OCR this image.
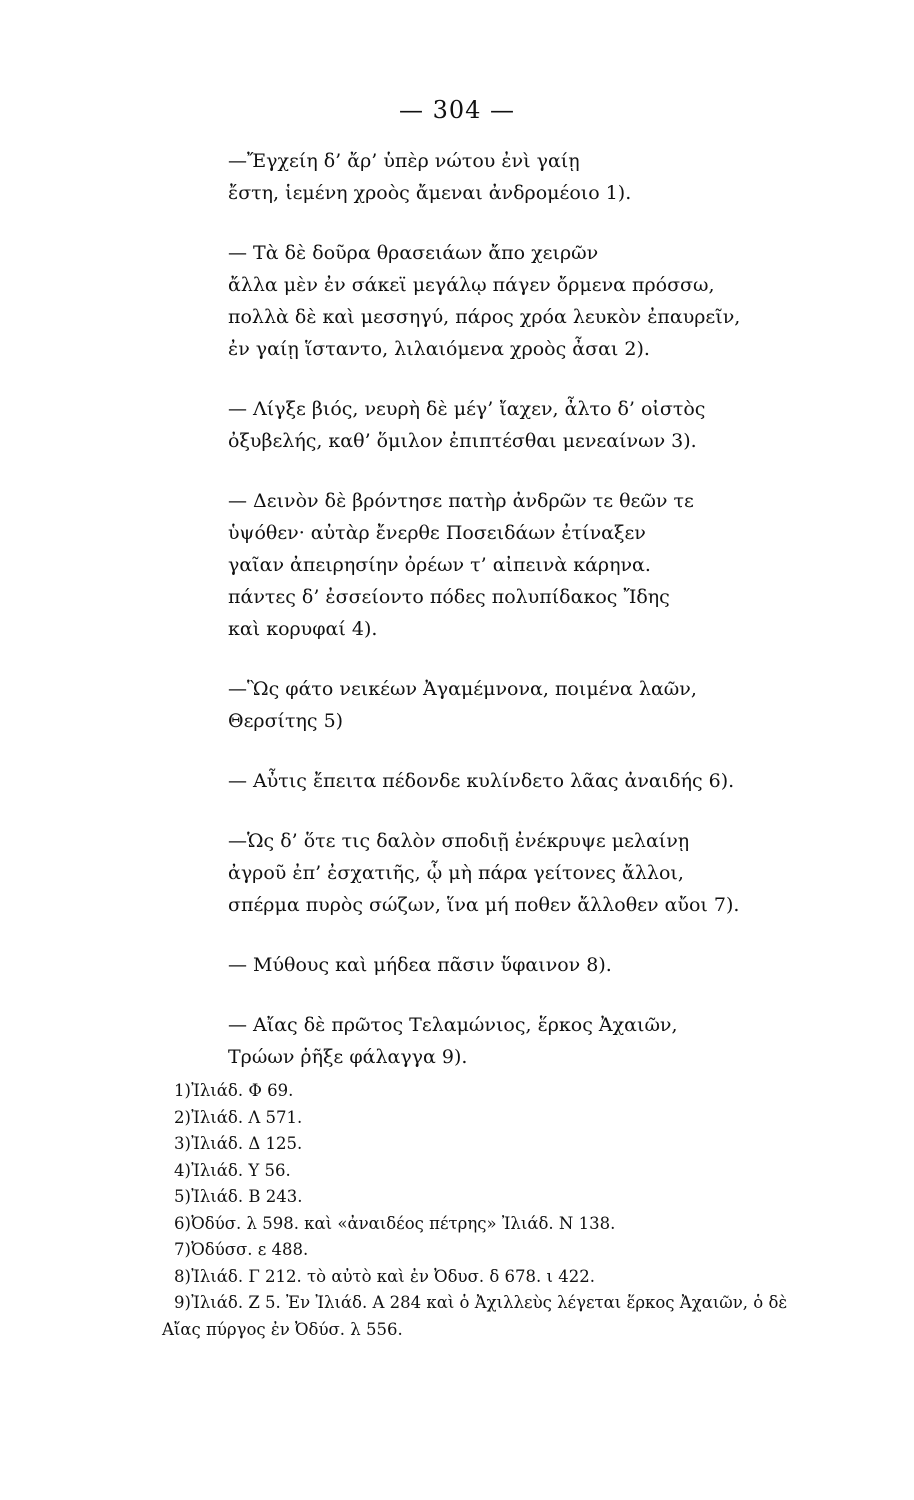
— 304 —

—Ἔγχείη δ’ ἄρ’ ὑπὲρ νώτου ἐνὶ γαίῃ

ἔστη, ἱεμένη χροὸς ἄμεναι ἀνδρομέοιο 1).

— Τὰ δὲ δοῦρα θρασειάων ἄπο χειρῶν

ἄλλα μὲν ἐν σάκεϊ μεγάλῳ πάγεν ὄρμενα πρόσσω,

πολλὰ δὲ καὶ μεσσηγύ, πάρος χρόα λευκὸν ἐπαυρεῖν,

ἐν γαίῃ ἵσταντο, λιλαιόμενα χροὸς ἆσαι 2).

— Λίγξε βιός, νευρὴ δὲ μέγ’ ἴαχεν, ἆλτο δ’ οἰστὸς

ὀξυβελής, καθ’ ὅμιλον ἐπιπτέσθαι μενεαίνων 3).

— Δεινὸν δὲ βρόντησε πατὴρ ἀνδρῶν τε θεῶν τε

ὑψόθεν· αὐτὰρ ἔνερθε Ποσειδάων ἐτίναξεν

γαῖαν ἀπειρησίην ὀρέων τ’ αἰπεινὰ κάρηνα.

πάντες δ’ ἐσσείοντο πόδες πολυπίδακος Ἴδης

καὶ κορυφαί 4).

—Ὣς φάτο νεικέων Ἀγαμέμνονα, ποιμένα λαῶν,

Θερσίτης 5)

— Αὖτις ἔπειτα πέδονδε κυλίνδετο λᾶας ἀναιδής 6).

—Ὡς δ’ ὅτε τις δαλὸν σποδιῇ ἐνέκρυψε μελαίνῃ

ἀγροῦ ἐπ’ ἐσχατιῆς, ᾧ μὴ πάρα γείτονες ἄλλοι,

σπέρμα πυρὸς σώζων, ἵνα μή ποθεν ἄλλοθεν αὔοι 7).

— Μύθους καὶ μήδεα πᾶσιν ὕφαινον 8).

— Αἴας δὲ πρῶτος Τελαμώνιος, ἕρκος Ἀχαιῶν,

Τρώων ῥῆξε φάλαγγα 9).

1) Ἰλιάδ. Φ 69.

2) Ἰλιάδ. Λ 571.

3) Ἰλιάδ. Δ 125.

4) Ἰλιάδ. Υ 56.

5) Ἰλιάδ. Β 243.

6) Ὀδύσ. λ 598. καὶ «ἀναιδέος πέτρης» Ἰλιάδ. Ν 138.

7) Ὀδύσσ. ε 488.

8) Ἰλιάδ. Γ 212. τὸ αὐτὸ καὶ ἐν Ὀδυσ. δ 678. ι 422.

9) Ἰλιάδ. Ζ 5. Ἐν Ἰλιάδ. Α 284 καὶ ὁ Ἀχιλλεὺς λέγεται ἕρκος Ἀχαιῶν, ὁ δὲ

Αἴας πύργος ἐν Ὀδύσ. λ 556.
